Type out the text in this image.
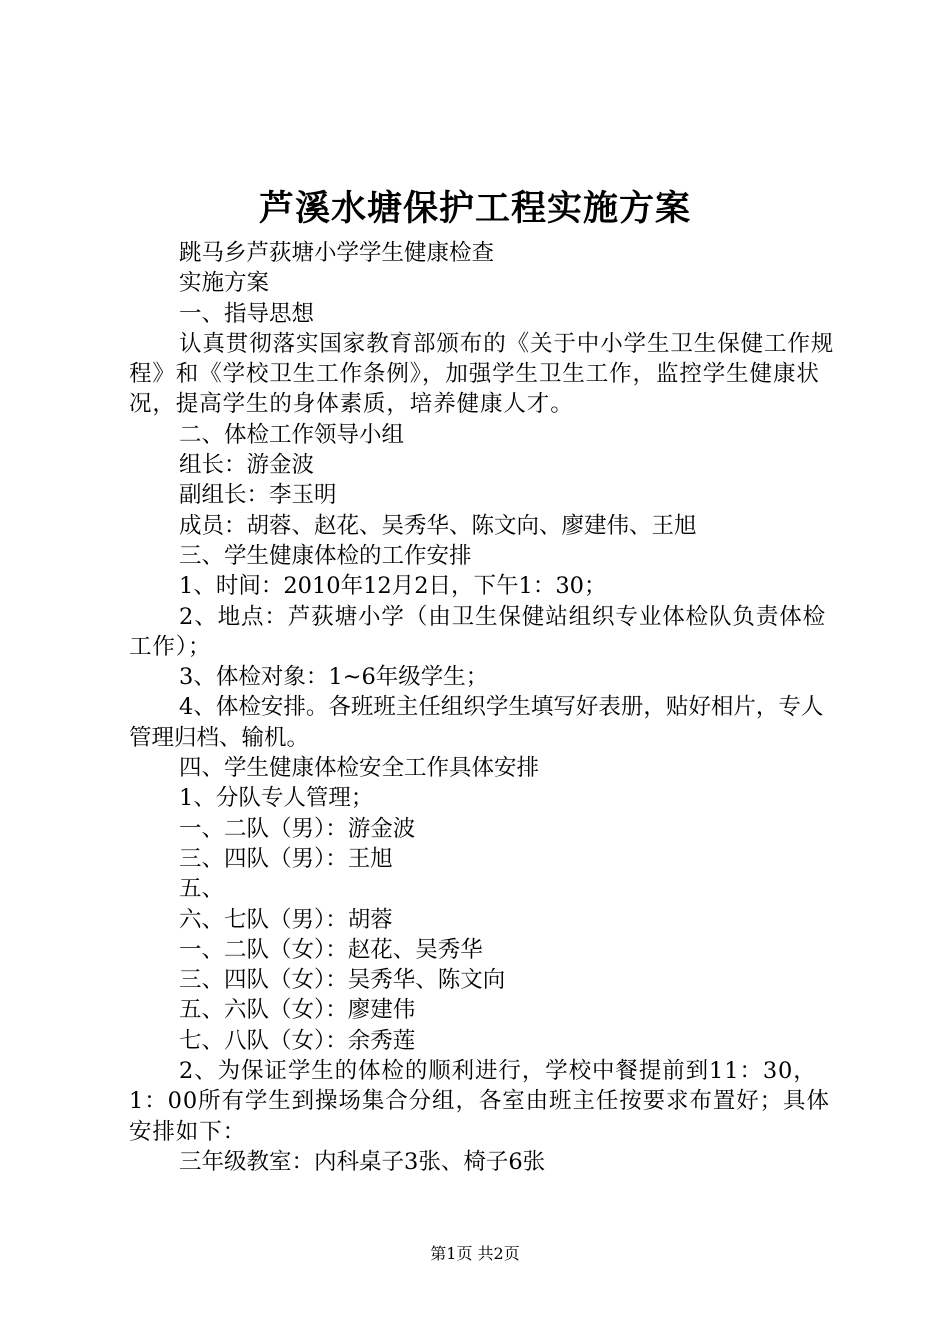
芦溪水塘保护工程实施方案

跳马乡芦荻塘小学学生健康检查

实施方案

一、指导思想

认真贯彻落实国家教育部颁布的《关于中小学生卫生保健工作规程》和《学校卫生工作条例》，加强学生卫生工作，监控学生健康状况，提高学生的身体素质，培养健康人才。

二、体检工作领导小组

组长：游金波

副组长：李玉明

成员：胡蓉、赵花、吴秀华、陈文向、廖建伟、王旭

三、学生健康体检的工作安排

1、时间：2010年12月2日，下午1：30；

2、地点：芦荻塘小学（由卫生保健站组织专业体检队负责体检工作）；

3、体检对象：1~6年级学生；

4、体检安排。各班班主任组织学生填写好表册，贴好相片，专人管理归档、输机。

四、学生健康体检安全工作具体安排

1、分队专人管理；

一、二队（男）：游金波

三、四队（男）：王旭

五、

六、七队（男）：胡蓉

一、二队（女）：赵花、吴秀华

三、四队（女）：吴秀华、陈文向

五、六队（女）：廖建伟

七、八队（女）：余秀莲

2、为保证学生的体检的顺利进行，学校中餐提前到11：30，1：00所有学生到操场集合分组，各室由班主任按要求布置好；具体安排如下：

三年级教室：内科桌子3张、椅子6张

第1页 共2页
